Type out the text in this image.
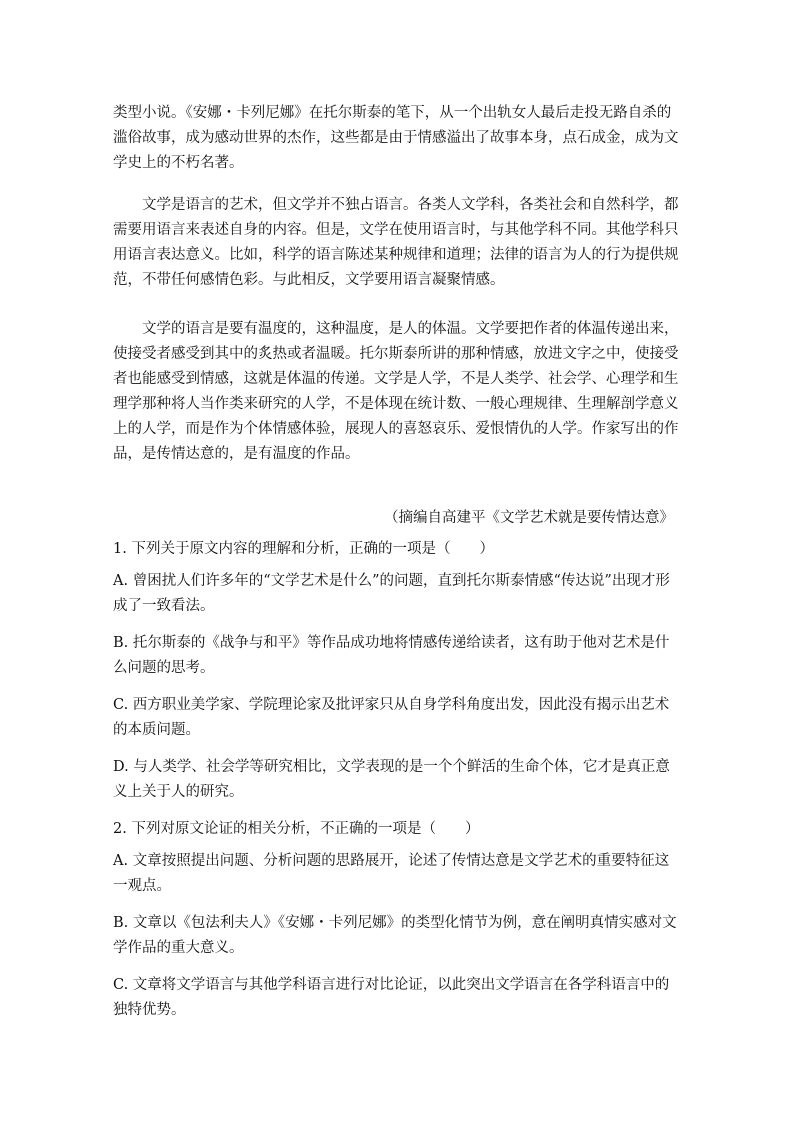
类型小说。《安娜・卡列尼娜》在托尔斯泰的笔下，从一个出轨女人最后走投无路自杀的滥俗故事，成为感动世界的杰作，这些都是由于情感溢出了故事本身，点石成金，成为文学史上的不朽名著。

文学是语言的艺术，但文学并不独占语言。各类人文学科，各类社会和自然科学，都需要用语言来表述自身的内容。但是，文学在使用语言时，与其他学科不同。其他学科只用语言表达意义。比如，科学的语言陈述某种规律和道理；法律的语言为人的行为提供规范，不带任何感情色彩。与此相反，文学要用语言凝聚情感。

文学的语言是要有温度的，这种温度，是人的体温。文学要把作者的体温传递出来，使接受者感受到其中的炙热或者温暖。托尔斯泰所讲的那种情感，放进文字之中，使接受者也能感受到情感，这就是体温的传递。文学是人学，不是人类学、社会学、心理学和生理学那种将人当作类来研究的人学，不是体现在统计数、一般心理规律、生理解剖学意义上的人学，而是作为个体情感体验，展现人的喜怒哀乐、爱恨情仇的人学。作家写出的作品，是传情达意的，是有温度的作品。

（摘编自高建平《文学艺术就是要传情达意》

1. 下列关于原文内容的理解和分析，正确的一项是（　　）

A. 曾困扰人们许多年的“文学艺术是什么”的问题，直到托尔斯泰情感“传达说”出现才形成了一致看法。

B. 托尔斯泰的《战争与和平》等作品成功地将情感传递给读者，这有助于他对艺术是什么问题的思考。

C. 西方职业美学家、学院理论家及批评家只从自身学科角度出发，因此没有揭示出艺术的本质问题。

D. 与人类学、社会学等研究相比，文学表现的是一个个鲜活的生命个体，它才是真正意义上关于人的研究。

2. 下列对原文论证的相关分析，不正确的一项是（　　）

A. 文章按照提出问题、分析问题的思路展开，论述了传情达意是文学艺术的重要特征这一观点。

B. 文章以《包法利夫人》《安娜・卡列尼娜》的类型化情节为例，意在阐明真情实感对文学作品的重大意义。

C. 文章将文学语言与其他学科语言进行对比论证，以此突出文学语言在各学科语言中的独特优势。
